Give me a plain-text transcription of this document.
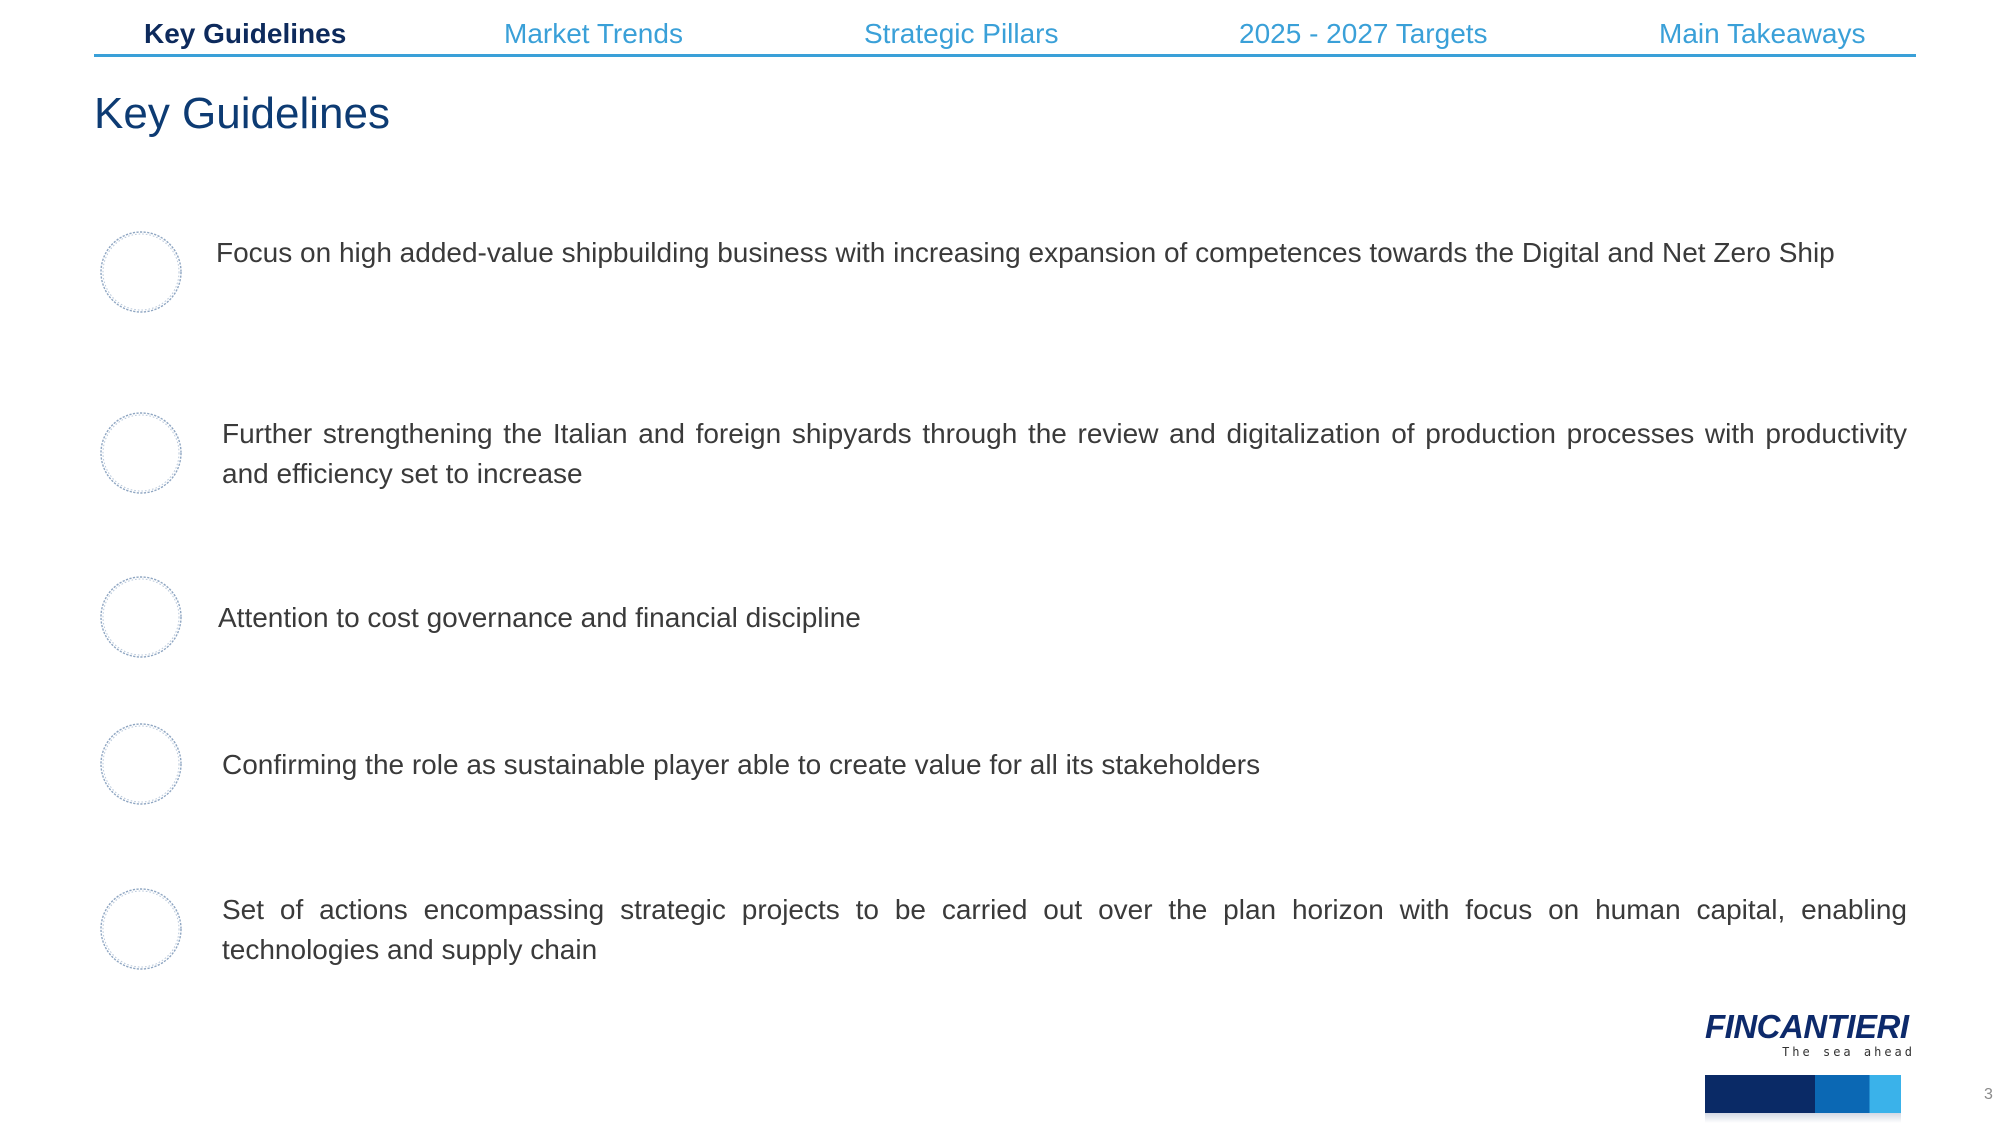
Key Guidelines	Market Trends	Strategic Pillars	2025 - 2027 Targets	Main Takeaways
Key Guidelines
Focus on high added-value shipbuilding business with increasing expansion of competences towards the Digital and Net Zero Ship
Further strengthening the Italian and foreign shipyards through the review and digitalization of production processes with productivity and efficiency set to increase
Attention to cost governance and financial discipline
Confirming the role as sustainable player able to create value for all its stakeholders
Set of actions encompassing strategic projects to be carried out over the plan horizon with focus on human capital, enabling technologies and supply chain
FINCANTIERI
The sea ahead
3
